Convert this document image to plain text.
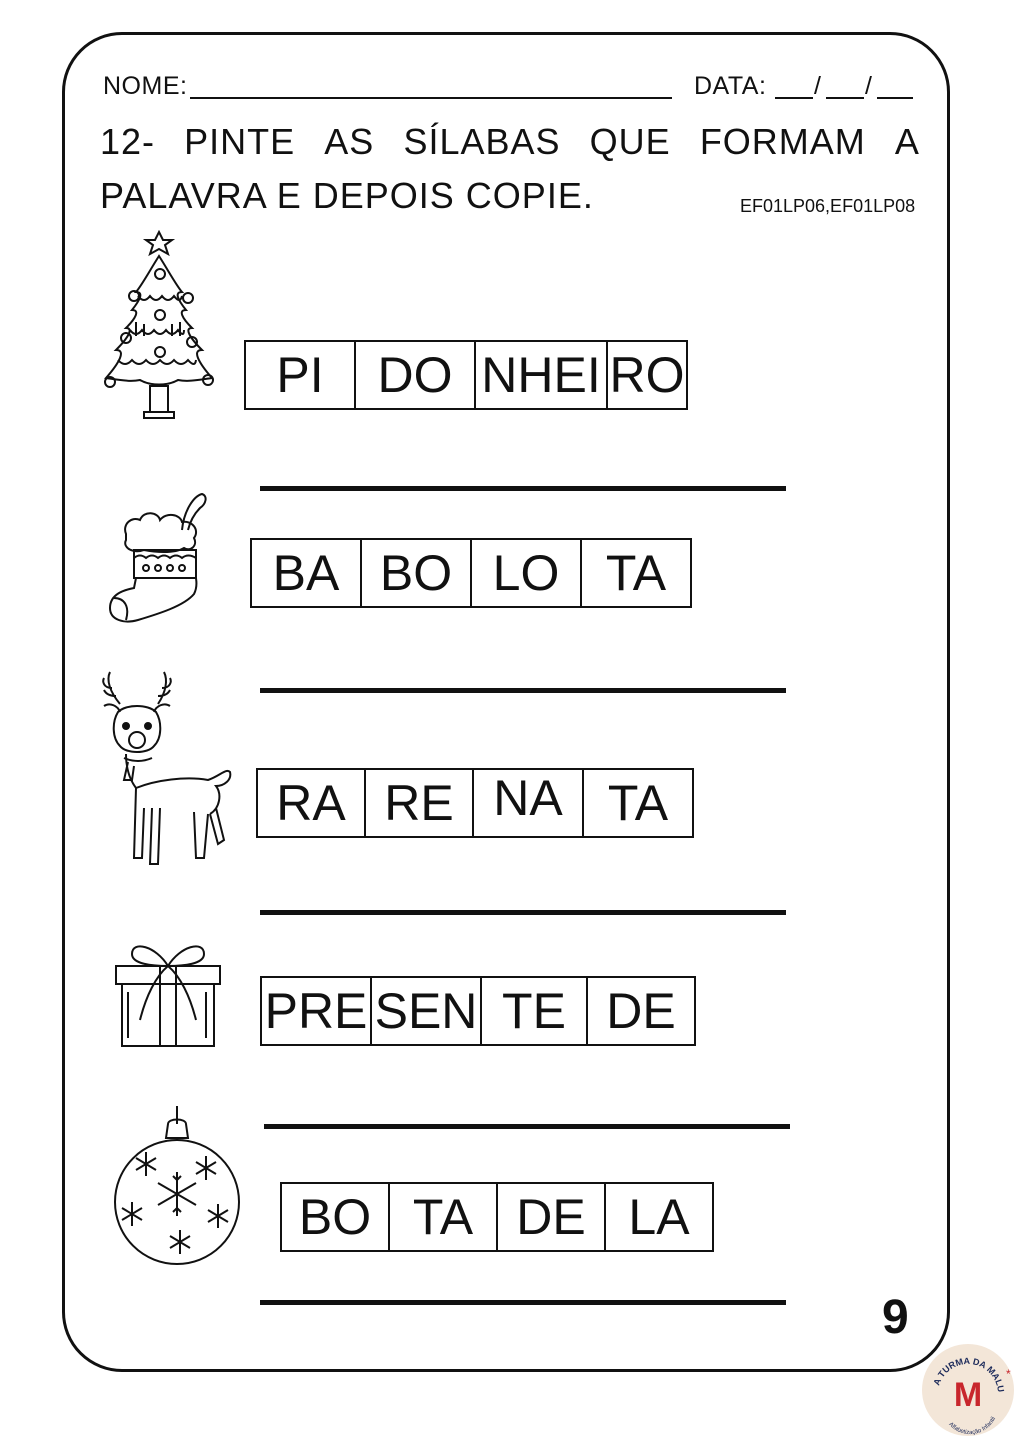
NOME:	DATA: / /
12- PINTE AS SÍLABAS QUE FORMAM A
PALAVRA E DEPOIS COPIE.	EF01LP06,EF01LP08
PI	DO NHEI RO
BA BO LO TA
RA RE NA TA
PRE SEN TE DE
BO TA DE LA
9
A TURMA DA MALU
M
Alfabetização Infantil
*
